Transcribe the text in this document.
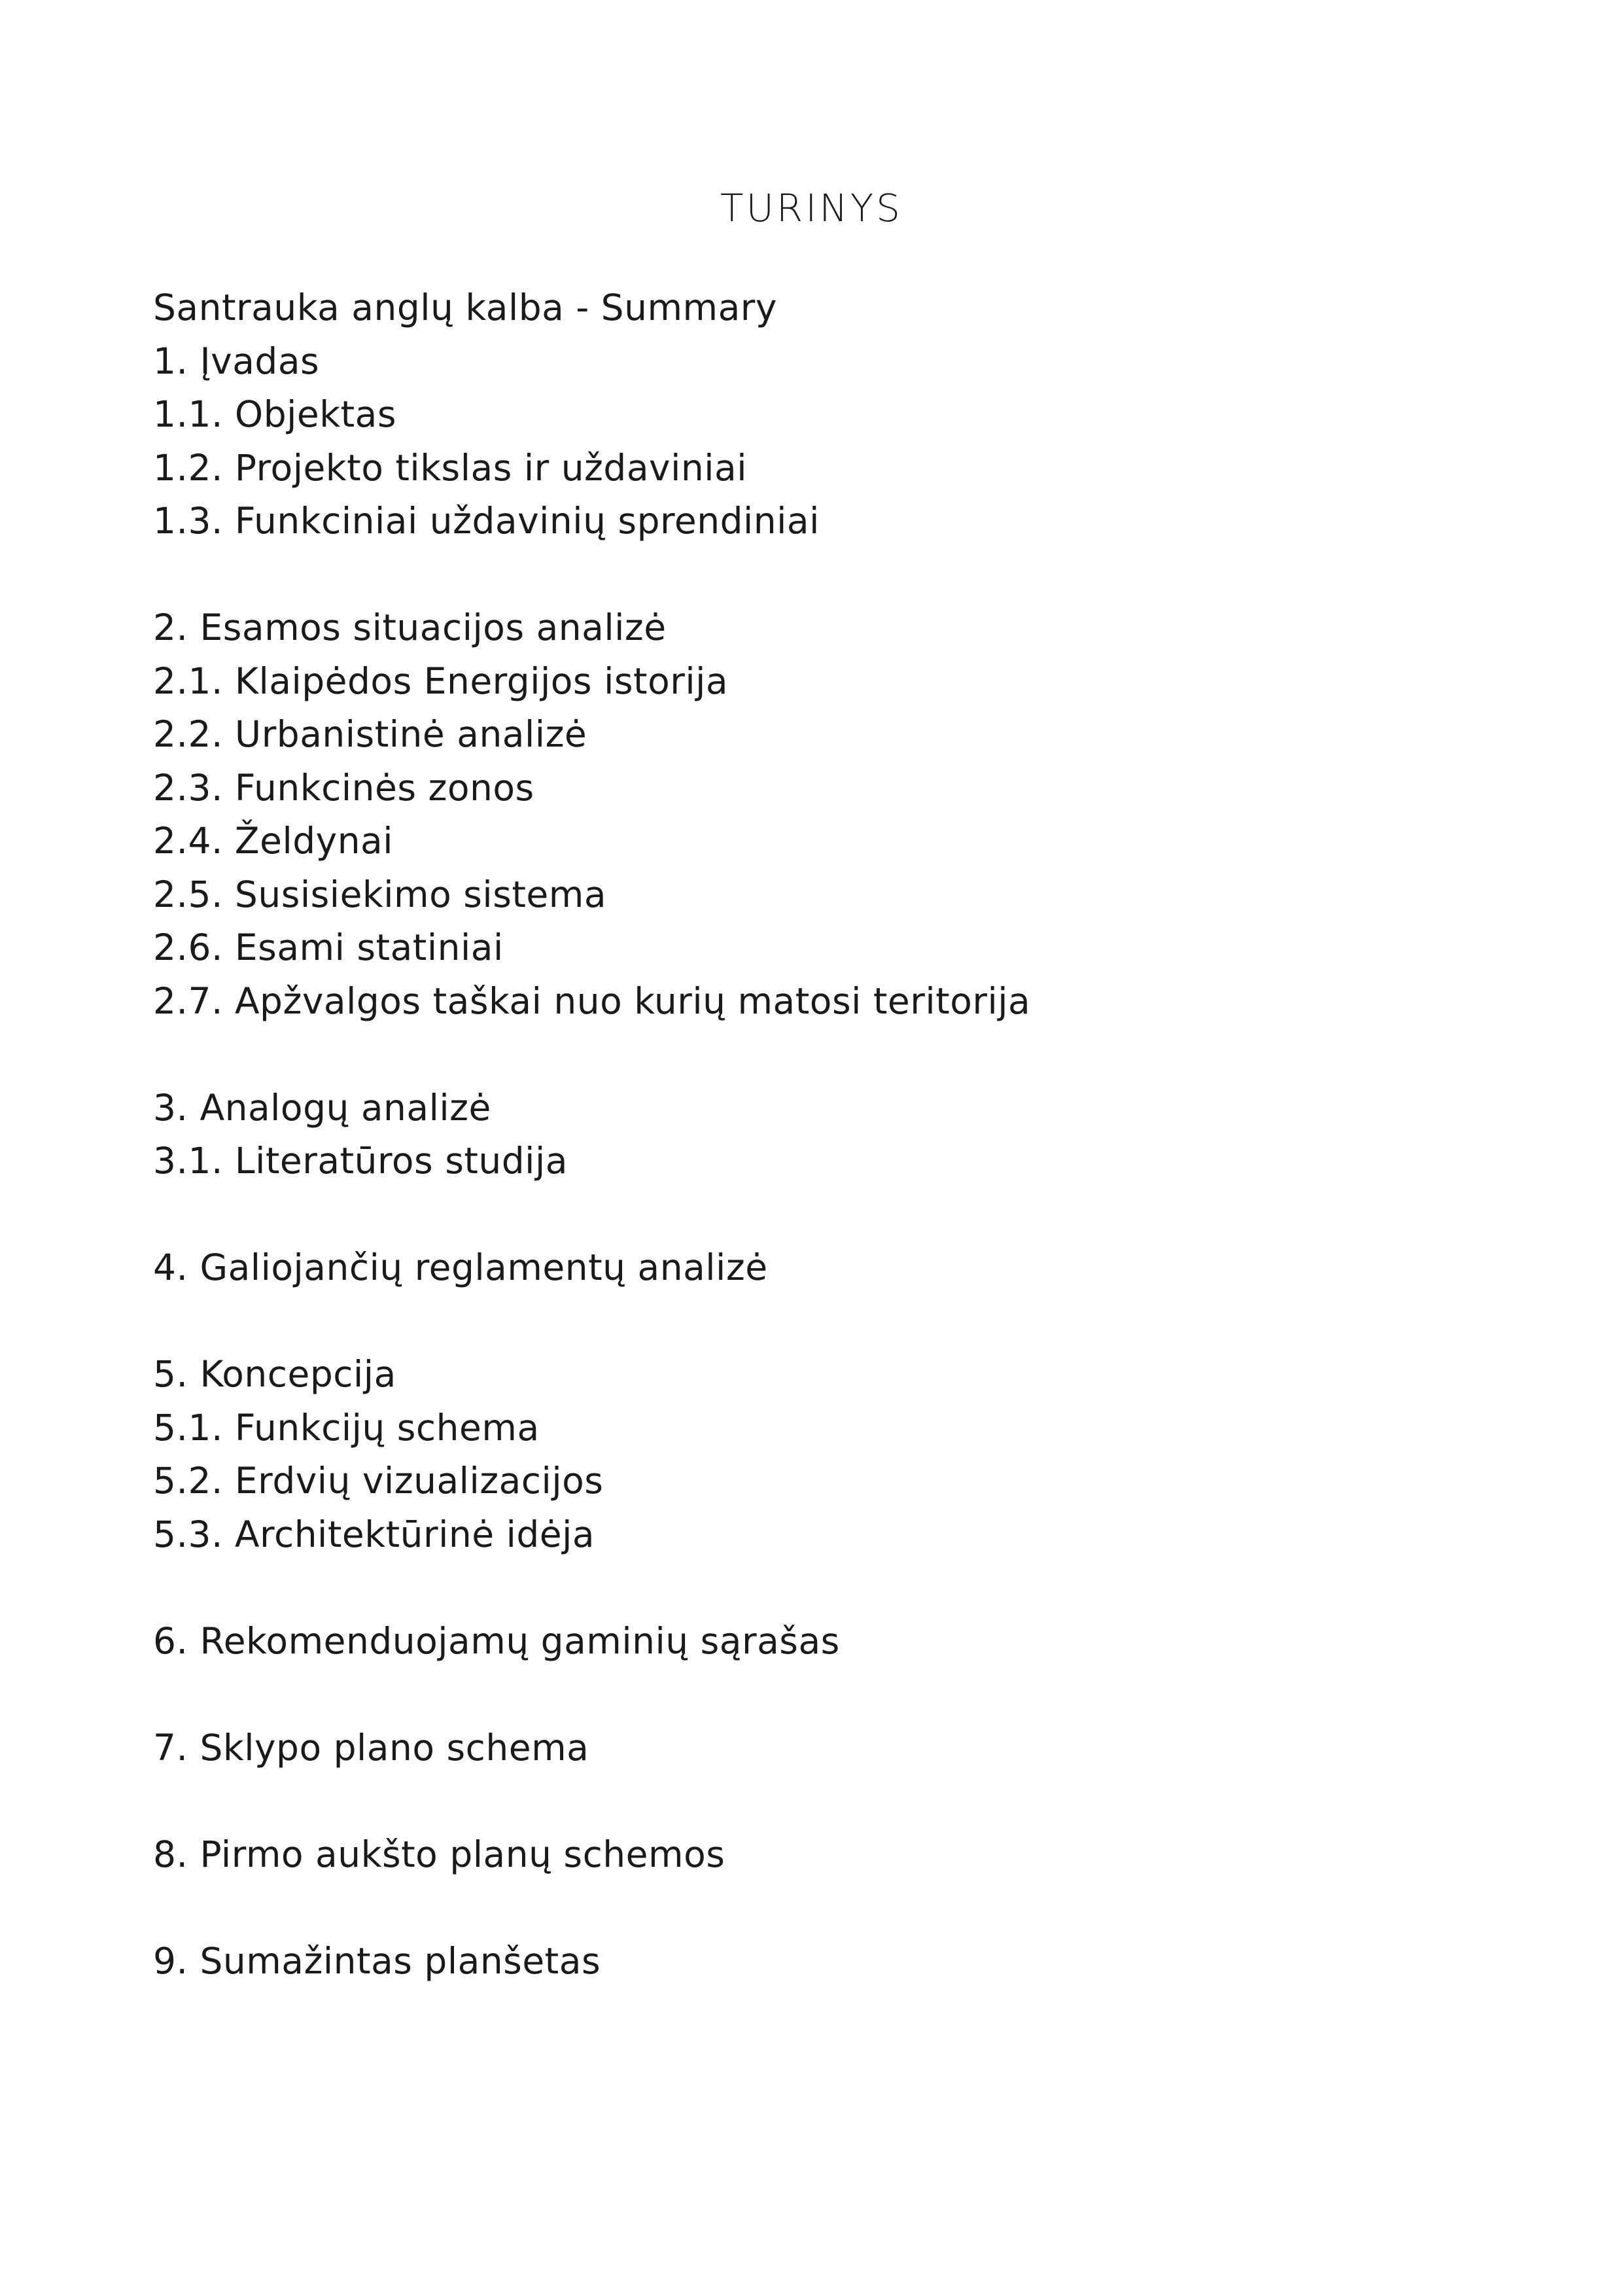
TURINYS
Santrauka anglų kalba - Summary
1. Įvadas
1.1. Objektas
1.2. Projekto tikslas ir uždaviniai
1.3. Funkciniai uždavinių sprendiniai
2. Esamos situacijos analizė
2.1. Klaipėdos Energijos istorija
2.2. Urbanistinė analizė
2.3. Funkcinės zonos
2.4. Želdynai
2.5. Susisiekimo sistema
2.6. Esami statiniai
2.7. Apžvalgos taškai nuo kurių matosi teritorija
3. Analogų analizė
3.1. Literatūros studija
4. Galiojančių reglamentų analizė
5. Koncepcija
5.1. Funkcijų schema
5.2. Erdvių vizualizacijos
5.3. Architektūrinė idėja
6. Rekomenduojamų gaminių sąrašas
7. Sklypo plano schema
8. Pirmo aukšto planų schemos
9. Sumažintas planšetas
